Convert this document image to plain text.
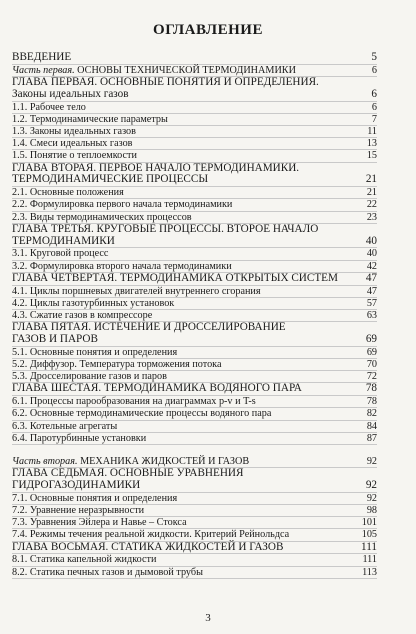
ОГЛАВЛЕНИЕ
ВВЕДЕНИЕ	5
Часть первая. ОСНОВЫ ТЕХНИЧЕСКОЙ ТЕРМОДИНАМИКИ	6
ГЛАВА ПЕРВАЯ. ОСНОВНЫЕ ПОНЯТИЯ И ОПРЕДЕЛЕНИЯ.
Законы идеальных газов	6
1.1. Рабочее тело	6
1.2. Термодинамические параметры	7
1.3. Законы идеальных газов	11
1.4. Смеси идеальных газов	13
1.5. Понятие о теплоемкости	15
ГЛАВА ВТОРАЯ. ПЕРВОЕ НАЧАЛО ТЕРМОДИНАМИКИ.
ТЕРМОДИНАМИЧЕСКИЕ ПРОЦЕССЫ	21
2.1. Основные положения	21
2.2. Формулировка первого начала термодинамики	22
2.3. Виды термодинамических процессов	23
ГЛАВА ТРЕТЬЯ. КРУГОВЫЕ ПРОЦЕССЫ. ВТОРОЕ НАЧАЛО
ТЕРМОДИНАМИКИ	40
3.1. Круговой процесс	40
3.2. Формулировка второго начала термодинамики	42
ГЛАВА ЧЕТВЕРТАЯ. ТЕРМОДИНАМИКА ОТКРЫТЫХ СИСТЕМ 47
4.1. Циклы поршневых двигателей внутреннего сгорания	47
4.2. Циклы газотурбинных установок	57
4.3. Сжатие газов в компрессоре	63
ГЛАВА ПЯТАЯ. ИСТЕЧЕНИЕ И ДРОССЕЛИРОВАНИЕ
ГАЗОВ И ПАРОВ	69
5.1. Основные понятия и определения	69
5.2. Диффузор. Температура торможения потока	70
5.3. Дросселирование газов и паров	72
ГЛАВА ШЕСТАЯ. ТЕРМОДИНАМИКА ВОДЯНОГО ПАРА	78
6.1. Процессы парообразования на диаграммах p-v и T-s	78
6.2. Основные термодинамические процессы водяного пара	82
6.3. Котельные агрегаты	84
6.4. Паротурбинные установки	87
Часть вторая. МЕХАНИКА ЖИДКОСТЕЙ И ГАЗОВ	92
ГЛАВА СЕДЬМАЯ. ОСНОВНЫЕ УРАВНЕНИЯ
ГИДРОГАЗОДИНАМИКИ	92
7.1. Основные понятия и определения	92
7.2. Уравнение неразрывности	98
7.3. Уравнения Эйлера и Навье – Стокса	101
7.4. Режимы течения реальной жидкости. Критерий Рейнольдса	105
ГЛАВА ВОСЬМАЯ. СТАТИКА ЖИДКОСТЕЙ И ГАЗОВ	111
8.1. Статика капельной жидкости	111
8.2. Статика печных газов и дымовой трубы	113
3
